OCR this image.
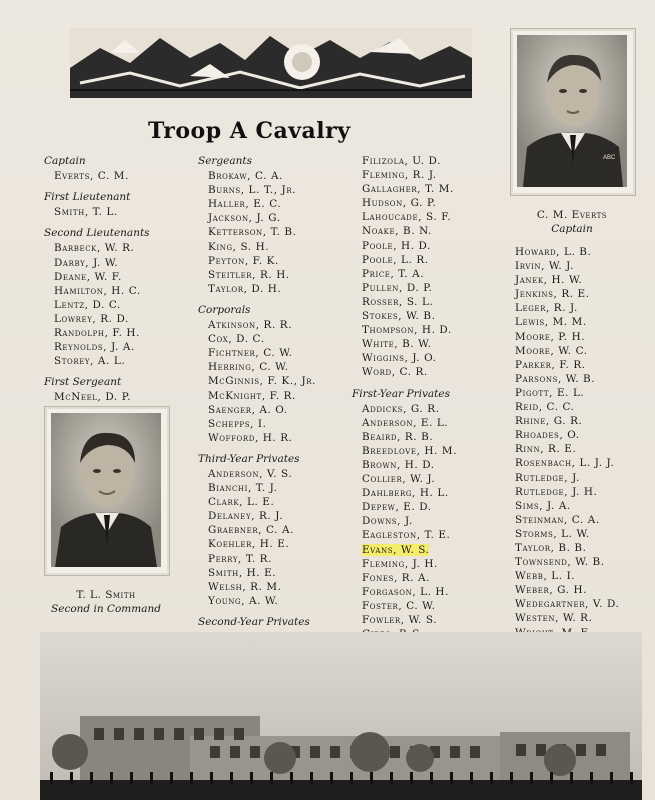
Troop A Cavalry
ABC
C. M. Everts
Captain
T. L. Smith
Second in Command
Captain
Everts, C. M.
First Lieutenant
Smith, T. L.
Second Lieutenants
Barbeck, W. R.
Darby, J. W.
Deane, W. F.
Hamilton, H. C.
Lentz, D. C.
Lowrey, R. D.
Randolph, F. H.
Reynolds, J. A.
Storey, A. L.
First Sergeant
McNeel, D. P.
Sergeants
Brokaw, C. A.
Burns, L. T., Jr.
Haller, E. C.
Jackson, J. G.
Ketterson, T. B.
King, S. H.
Peyton, F. K.
Steitler, R. H.
Taylor, D. H.
Corporals
Atkinson, R. R.
Cox, D. C.
Fichtner, C. W.
Herring, C. W.
McGinnis, F. K., Jr.
McKnight, F. R.
Saenger, A. O.
Schepps, I.
Wofford, H. R.
Third-Year Privates
Anderson, V. S.
Bianchi, T. J.
Clark, L. E.
Delaney, R. J.
Graebner, C. A.
Koehler, H. E.
Perry, T. R.
Smith, H. E.
Welsh, R. M.
Young, A. W.
Second-Year Privates
Filizola, U. D.
Fleming, R. J.
Gallagher, T. M.
Hudson, G. P.
Lahoucade, S. F.
Noake, B. N.
Poole, H. D.
Poole, L. R.
Price, T. A.
Pullen, D. P.
Rosser, S. L.
Stokes, W. B.
Thompson, H. D.
White, B. W.
Wiggins, J. O.
Word, C. R.
First-Year Privates
Addicks, G. R.
Anderson, E. L.
Beaird, R. B.
Breedlove, H. M.
Brown, H. D.
Collier, W. J.
Dahlberg, H. L.
Depew, E. D.
Downs, J.
Eagleston, T. E.
Evans, W. S.
Fleming, J. H.
Fones, R. A.
Forgason, L. H.
Foster, C. W.
Fowler, W. S.
Howard, L. B.
Irvin, W. J.
Janek, H. W.
Jenkins, R. E.
Leger, R. J.
Lewis, M. M.
Moore, P. H.
Moore, W. C.
Parker, F. R.
Parsons, W. B.
Pigott, E. L.
Reid, C. C.
Rhine, G. R.
Rhoades, O.
Rinn, R. E.
Rosenbach, L. J. J.
Rutledge, J.
Rutledge, J. H.
Sims, J. A.
Steinman, C. A.
Storms, L. W.
Taylor, B. B.
Townsend, W. B.
Webb, L. I.
Weber, G. H.
Wedegartner, V. D.
Westen, W. R.
